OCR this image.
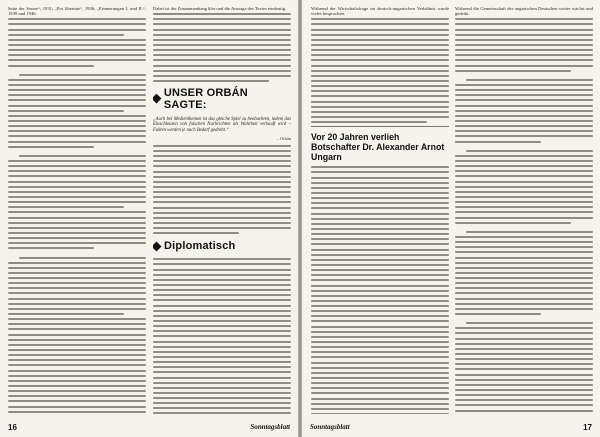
Seite der Sonne“, 1931; „Pro libertate“, 1936; „Erinnerungen I. und II.“, 1939 und 1946.

Dabei ist der Zusammenhang klar und die Aussage des Textes eindeutig.

UNSER ORBÁN SAGTE:

„Auch bei Medienthemen ist das gleiche Spiel zu beobachten, indem das Einschleusen von falschen Nachrichten als Wahrheit verkauft wird – Fakten werden je nach Bedarf gedreht.“

– Orbán

Diplomatisch
16	Sonntagsblatt

Während der Wirtschaftsfrage im deutsch-ungarischen Verhältnis wurde vieles besprochen.

Vor 20 Jahren verlieh
Botschafter Dr. Alexander Arnot Ungarn

Während die Gemeinschaft der ungarischen Deutschen weiter wächst und gedeiht.

Sonntagsblatt	17
